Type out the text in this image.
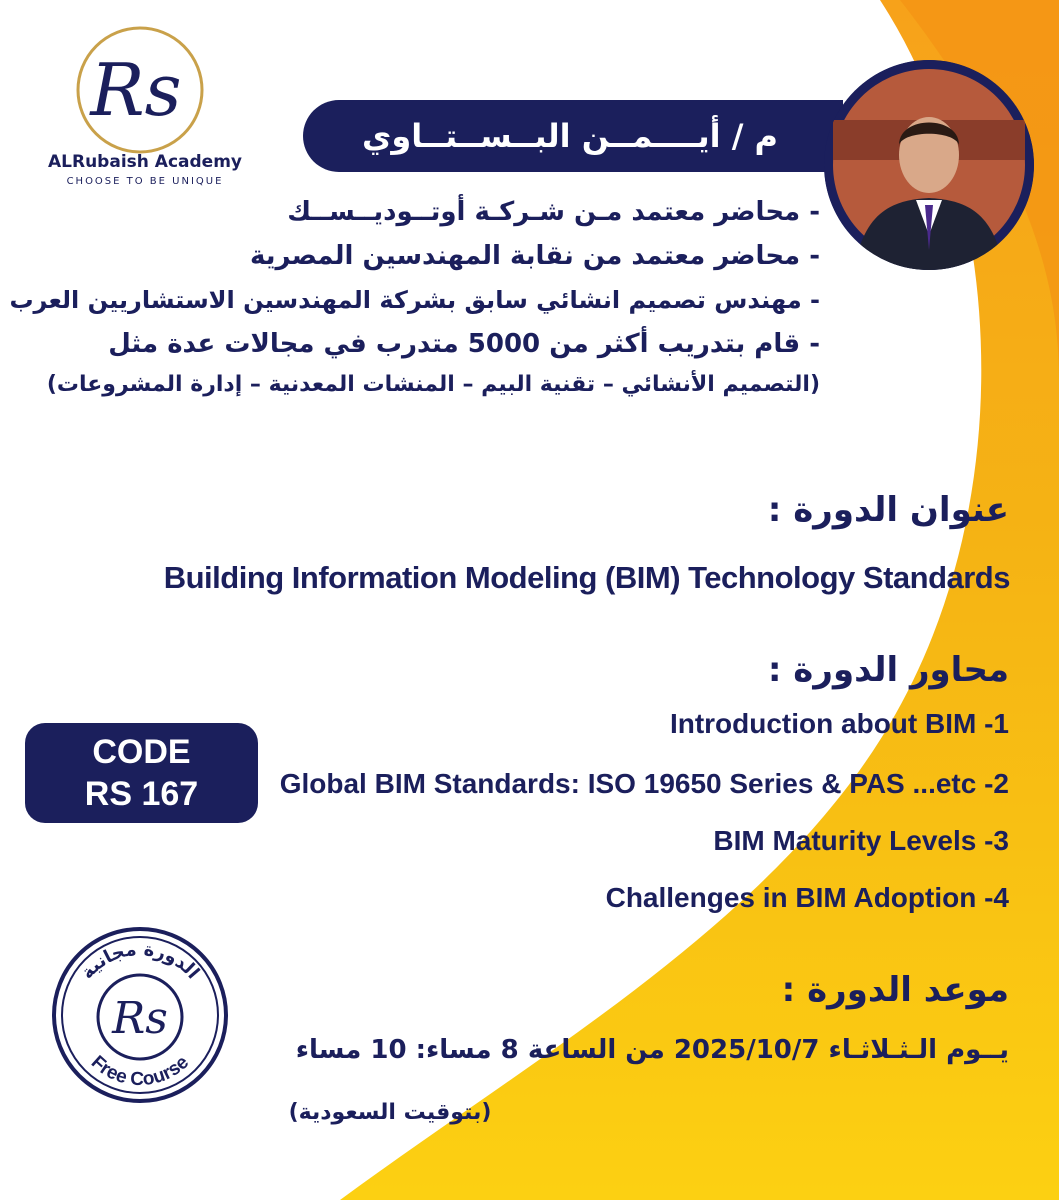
Rs
ALRubaish Academy
CHOOSE TO BE UNIQUE
م / أيــــمــن البــســتــاوي
- محاضر معتمد مـن شـركـة أوتــوديــســك
- محاضر معتمد من نقابة المهندسين المصرية
- مهندس تصميم انشائي سابق بشركة المهندسين الاستشاريين العرب
- قام بتدريب أكثر من 5000 متدرب في مجالات عدة مثل
(التصميم الأنشائي – تقنية البيم – المنشات المعدنية – إدارة المشروعات)
عنوان الدورة :
Building Information Modeling (BIM) Technology Standards
محاور الدورة :
Introduction about BIM -1
Global BIM Standards: ISO 19650 Series & PAS ...etc -2
BIM Maturity Levels -3
Challenges in BIM Adoption -4
CODE
RS 167
الدورة مجانية
Free Course
Rs
موعد الدورة :
يــوم الـثـلاثـاء 2025/10/7 من الساعة 8 مساء: 10 مساء
(بتوقيت السعودية)
